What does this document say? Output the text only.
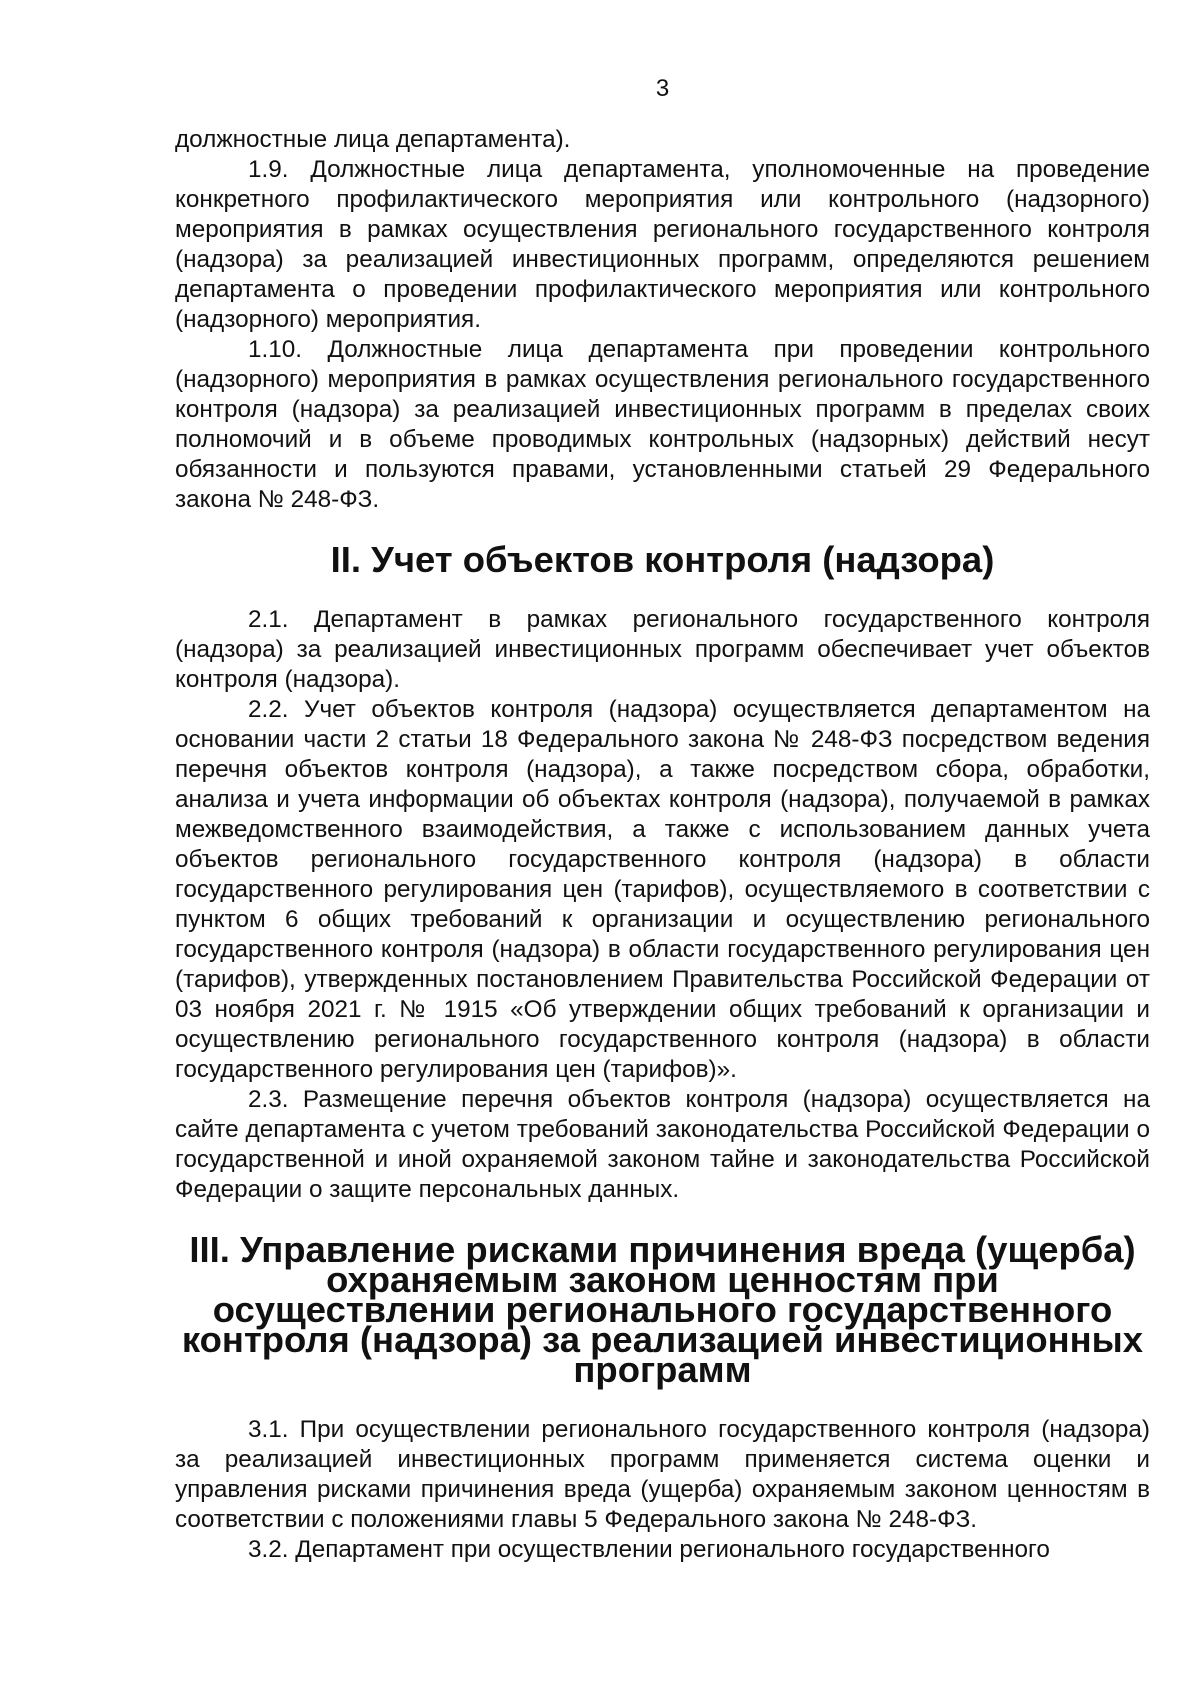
3

должностные лица департамента).

1.9. Должностные лица департамента, уполномоченные на проведение конкретного профилактического мероприятия или контрольного (надзорного) мероприятия в рамках осуществления регионального государственного контроля (надзора) за реализацией инвестиционных программ, определяются решением департамента о проведении профилактического мероприятия или контрольного (надзорного) мероприятия.

1.10. Должностные лица департамента при проведении контрольного (надзорного) мероприятия в рамках осуществления регионального государственного контроля (надзора) за реализацией инвестиционных программ в пределах своих полномочий и в объеме проводимых контрольных (надзорных) действий несут обязанности и пользуются правами, установленными статьей 29 Федерального закона № 248-ФЗ.

II. Учет объектов контроля (надзора)

2.1. Департамент в рамках регионального государственного контроля (надзора) за реализацией инвестиционных программ обеспечивает учет объектов контроля (надзора).

2.2. Учет объектов контроля (надзора) осуществляется департаментом на основании части 2 статьи 18 Федерального закона № 248-ФЗ посредством ведения перечня объектов контроля (надзора), а также посредством сбора, обработки, анализа и учета информации об объектах контроля (надзора), получаемой в рамках межведомственного взаимодействия, а также с использованием данных учета объектов регионального государственного контроля (надзора) в области государственного регулирования цен (тарифов), осуществляемого в соответствии с пунктом 6 общих требований к организации и осуществлению регионального государственного контроля (надзора) в области государственного регулирования цен (тарифов), утвержденных постановлением Правительства Российской Федерации от 03 ноября 2021 г. № 1915 «Об утверждении общих требований к организации и осуществлению регионального государственного контроля (надзора) в области государственного регулирования цен (тарифов)».

2.3. Размещение перечня объектов контроля (надзора) осуществляется на сайте департамента с учетом требований законодательства Российской Федерации о государственной и иной охраняемой законом тайне и законодательства Российской Федерации о защите персональных данных.

III. Управление рисками причинения вреда (ущерба) охраняемым законом ценностям при осуществлении регионального государственного контроля (надзора) за реализацией инвестиционных программ

3.1. При осуществлении регионального государственного контроля (надзора) за реализацией инвестиционных программ применяется система оценки и управления рисками причинения вреда (ущерба) охраняемым законом ценностям в соответствии с положениями главы 5 Федерального закона № 248-ФЗ.

3.2. Департамент при осуществлении регионального государственного
